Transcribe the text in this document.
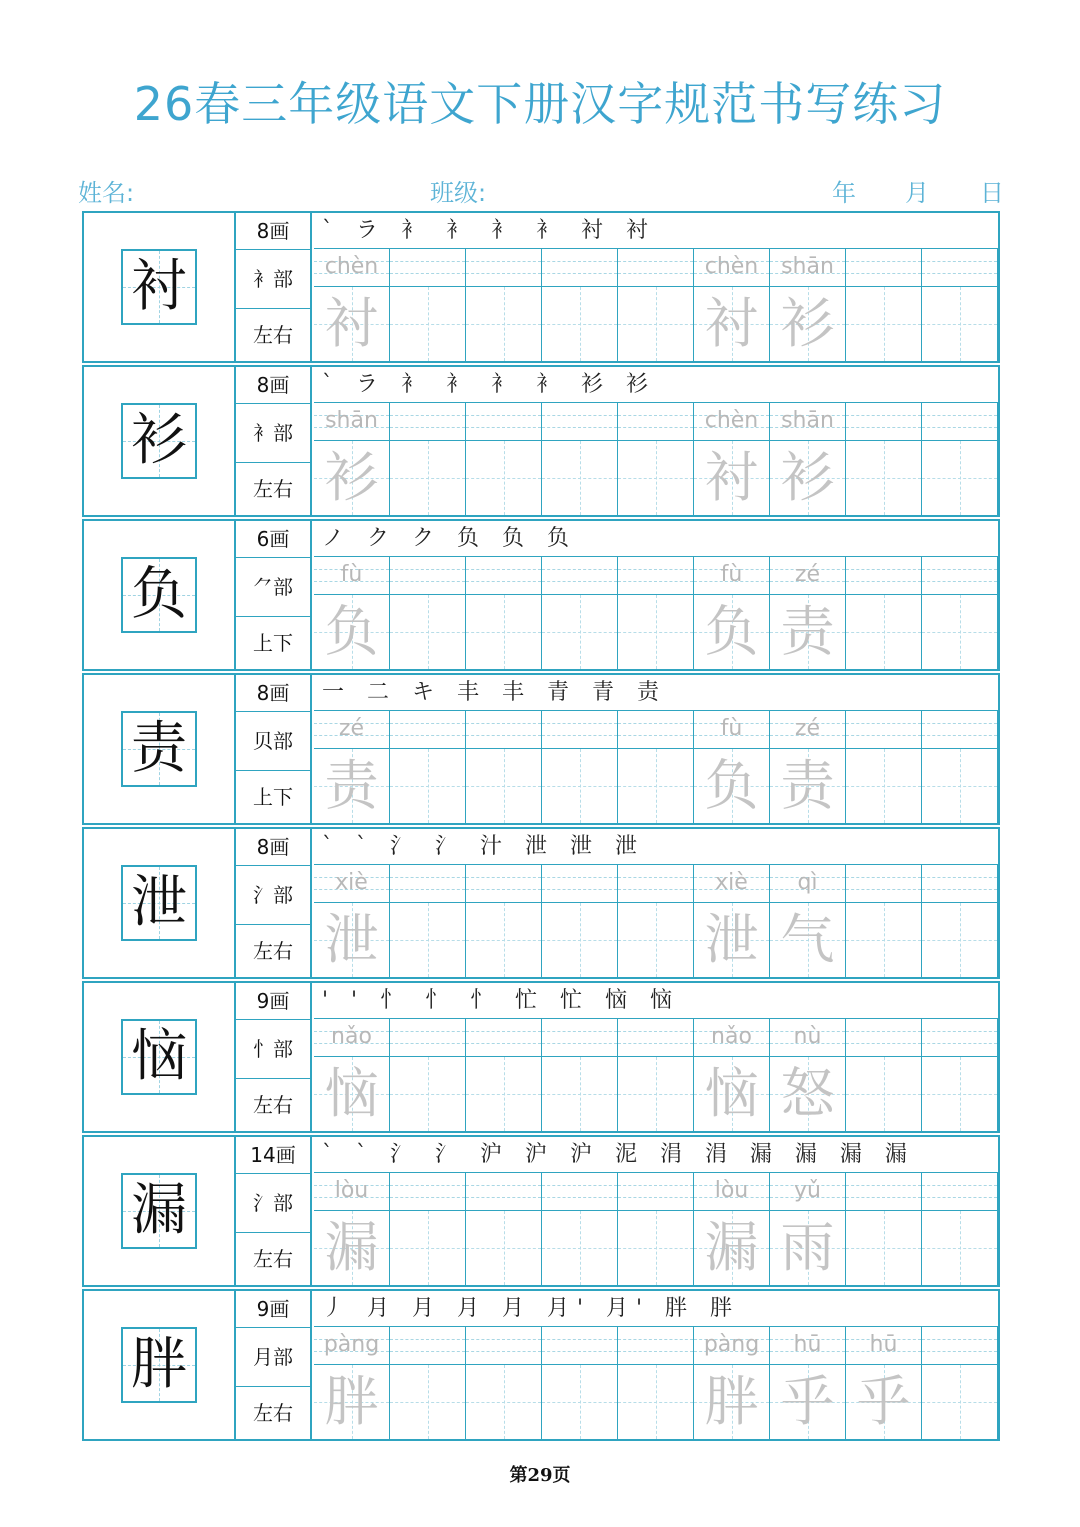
26春三年级语文下册汉字规范书写练习
姓名:	班级:	年 月 日
衬
8画
衤部
左右
` ラ 衤 衤 衤 衤 衬 衬
chèn
衬
chèn
衬
shān
衫
衫
8画
衤部
左右
` ラ 衤 衤 衤 衤 衫 衫
shān
衫
chèn
衬
shān
衫
负
6画
⺈部
上下
ノ ク ク 负 负 负
fù
负
fù
负
zé
责
责
8画
贝部
上下
一 二 キ 丰 丰 青 青 责
zé
责
fù
负
zé
责
泄
8画
氵部
左右
` ` 氵 氵 汁 泄 泄 泄
xiè
泄
xiè
泄
qì
气
恼
9画
忄部
左右
' ' 忄 忄 忄 忙 忙 恼 恼
nǎo
恼
nǎo
恼
nù
怒
漏
14画
氵部
左右
` ` 氵 氵 沪 沪 沪 泥 涓 涓 漏 漏 漏 漏
lòu
漏
lòu
漏
yǔ
雨
胖
9画
月部
左右
丿 月 月 月 月 月' 月' 胖 胖
pàng
胖
pàng
胖
hū
乎
hū
乎
第29页
